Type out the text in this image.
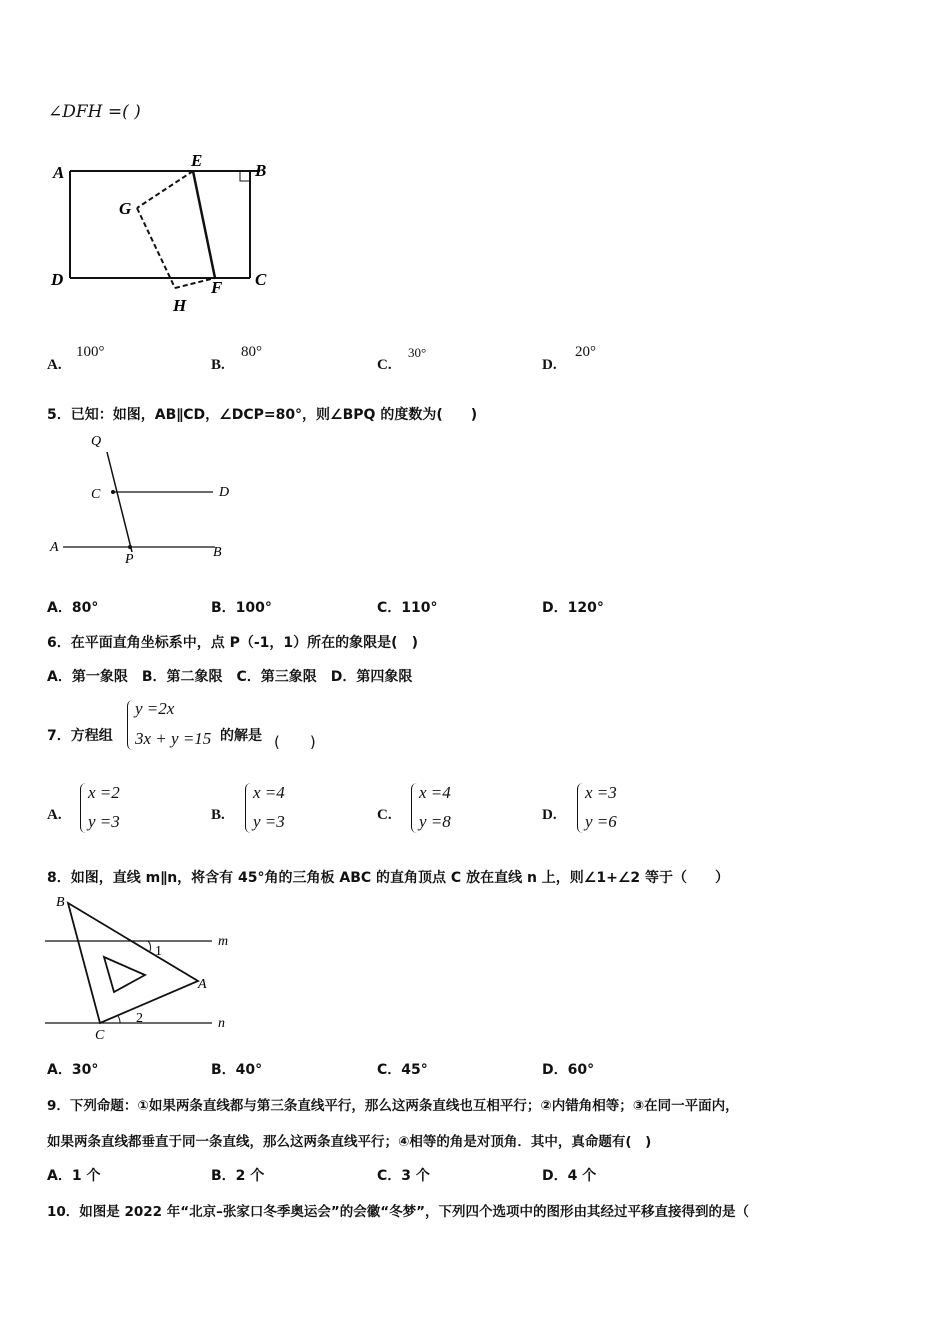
∠DFH =( )
A
E
B
G
D	C
H
F
A.
100°
B.
80°
C.
30°
D.
20°
5．已知：如图，AB∥CD，∠DCP=80°，则∠BPQ 的度数为(　　)
Q
C	D
A
P	B
A．80°	B．100°	C．110°	D．120°
6．在平面直角坐标系中，点 P（-1，1）所在的象限是(　)
A．第一象限　B．第二象限　C．第三象限　D．第四象限
7．方程组
y =2x
3x + y =15 的解是 (　　)
A.
x =2
y =3	B.
x =4
y =3	C.
x =4
y =8	D.
x =3
y =6
8．如图，直线 m∥n，将含有 45°角的三角板 ABC 的直角顶点 C 放在直线 n 上，则∠1+∠2 等于（　　）
B
m
1
A
C
2	n
A．30°	B．40°	C．45°	D．60°
9．下列命题：①如果两条直线都与第三条直线平行，那么这两条直线也互相平行；②内错角相等；③在同一平面内，
如果两条直线都垂直于同一条直线，那么这两条直线平行；④相等的角是对顶角．其中，真命题有(　)
A．1 个	B．2 个	C．3 个	D．4 个
10．如图是 2022 年“北京–张家口冬季奥运会”的会徽“冬梦”，下列四个选项中的图形由其经过平移直接得到的是（
